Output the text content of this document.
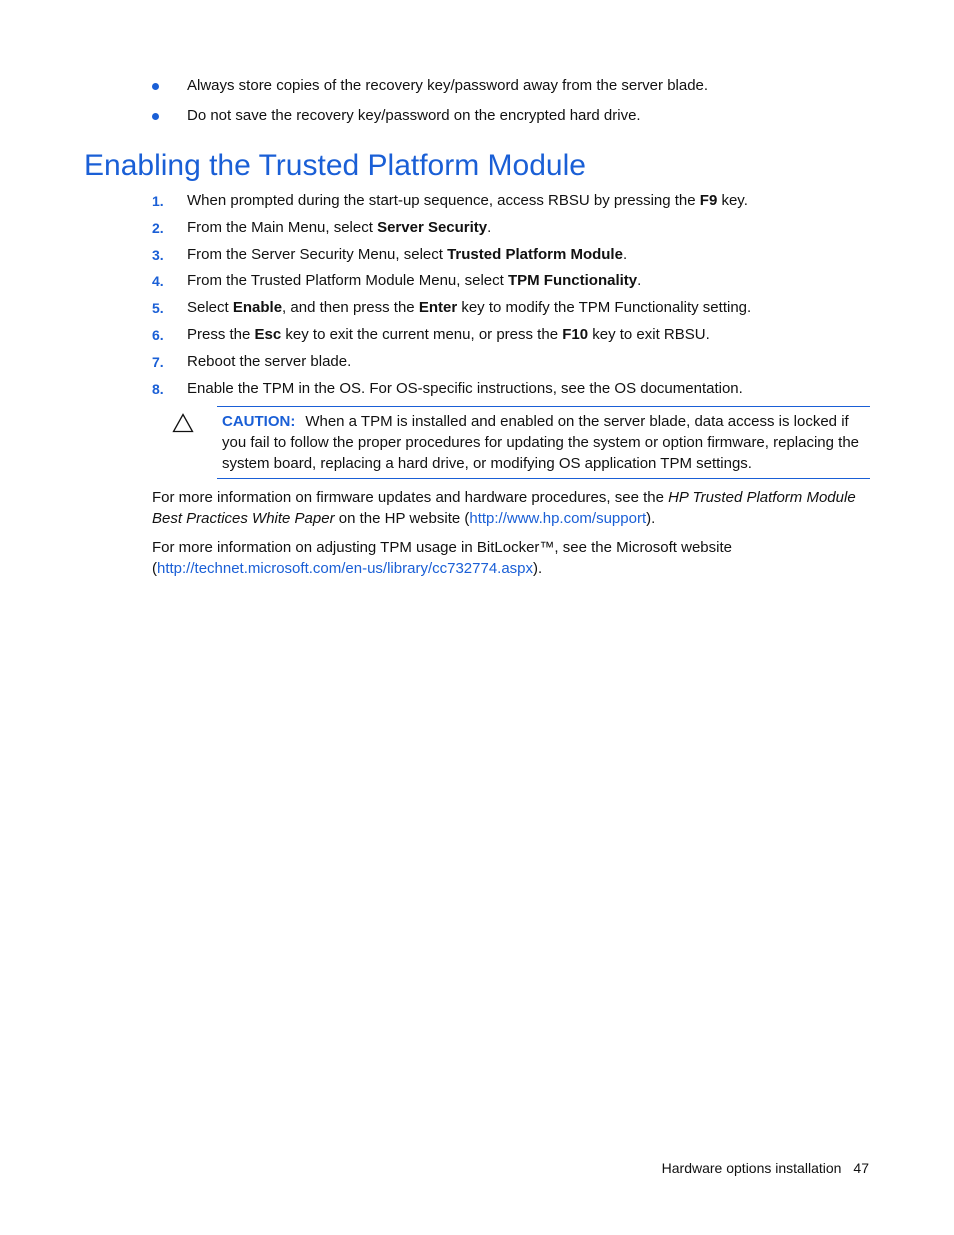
Always store copies of the recovery key/password away from the server blade.
Do not save the recovery key/password on the encrypted hard drive.
Enabling the Trusted Platform Module
1. When prompted during the start-up sequence, access RBSU by pressing the F9 key.
2. From the Main Menu, select Server Security.
3. From the Server Security Menu, select Trusted Platform Module.
4. From the Trusted Platform Module Menu, select TPM Functionality.
5. Select Enable, and then press the Enter key to modify the TPM Functionality setting.
6. Press the Esc key to exit the current menu, or press the F10 key to exit RBSU.
7. Reboot the server blade.
8. Enable the TPM in the OS. For OS-specific instructions, see the OS documentation.
CAUTION: When a TPM is installed and enabled on the server blade, data access is locked if you fail to follow the proper procedures for updating the system or option firmware, replacing the system board, replacing a hard drive, or modifying OS application TPM settings.
For more information on firmware updates and hardware procedures, see the HP Trusted Platform Module Best Practices White Paper on the HP website (http://www.hp.com/support).
For more information on adjusting TPM usage in BitLocker™, see the Microsoft website (http://technet.microsoft.com/en-us/library/cc732774.aspx).
Hardware options installation 47
